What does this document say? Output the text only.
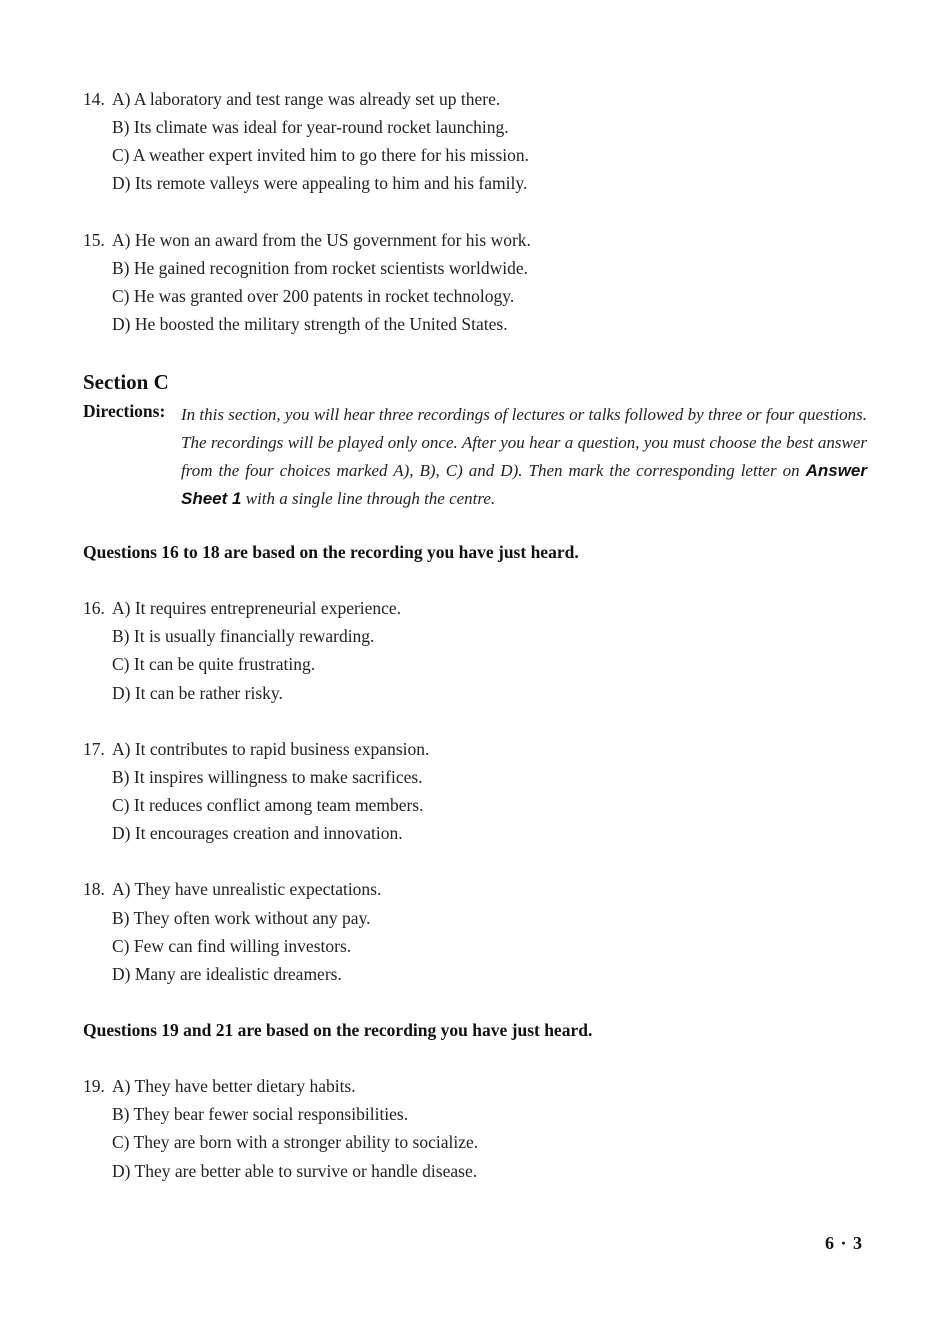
14. A) A laboratory and test range was already set up there.
B) Its climate was ideal for year-round rocket launching.
C) A weather expert invited him to go there for his mission.
D) Its remote valleys were appealing to him and his family.
15. A) He won an award from the US government for his work.
B) He gained recognition from rocket scientists worldwide.
C) He was granted over 200 patents in rocket technology.
D) He boosted the military strength of the United States.
Section C
Directions: In this section, you will hear three recordings of lectures or talks followed by three or four questions. The recordings will be played only once. After you hear a question, you must choose the best answer from the four choices marked A), B), C) and D). Then mark the corresponding letter on Answer Sheet 1 with a single line through the centre.
Questions 16 to 18 are based on the recording you have just heard.
16. A) It requires entrepreneurial experience.
B) It is usually financially rewarding.
C) It can be quite frustrating.
D) It can be rather risky.
17. A) It contributes to rapid business expansion.
B) It inspires willingness to make sacrifices.
C) It reduces conflict among team members.
D) It encourages creation and innovation.
18. A) They have unrealistic expectations.
B) They often work without any pay.
C) Few can find willing investors.
D) Many are idealistic dreamers.
Questions 19 and 21 are based on the recording you have just heard.
19. A) They have better dietary habits.
B) They bear fewer social responsibilities.
C) They are born with a stronger ability to socialize.
D) They are better able to survive or handle disease.
6 · 3
